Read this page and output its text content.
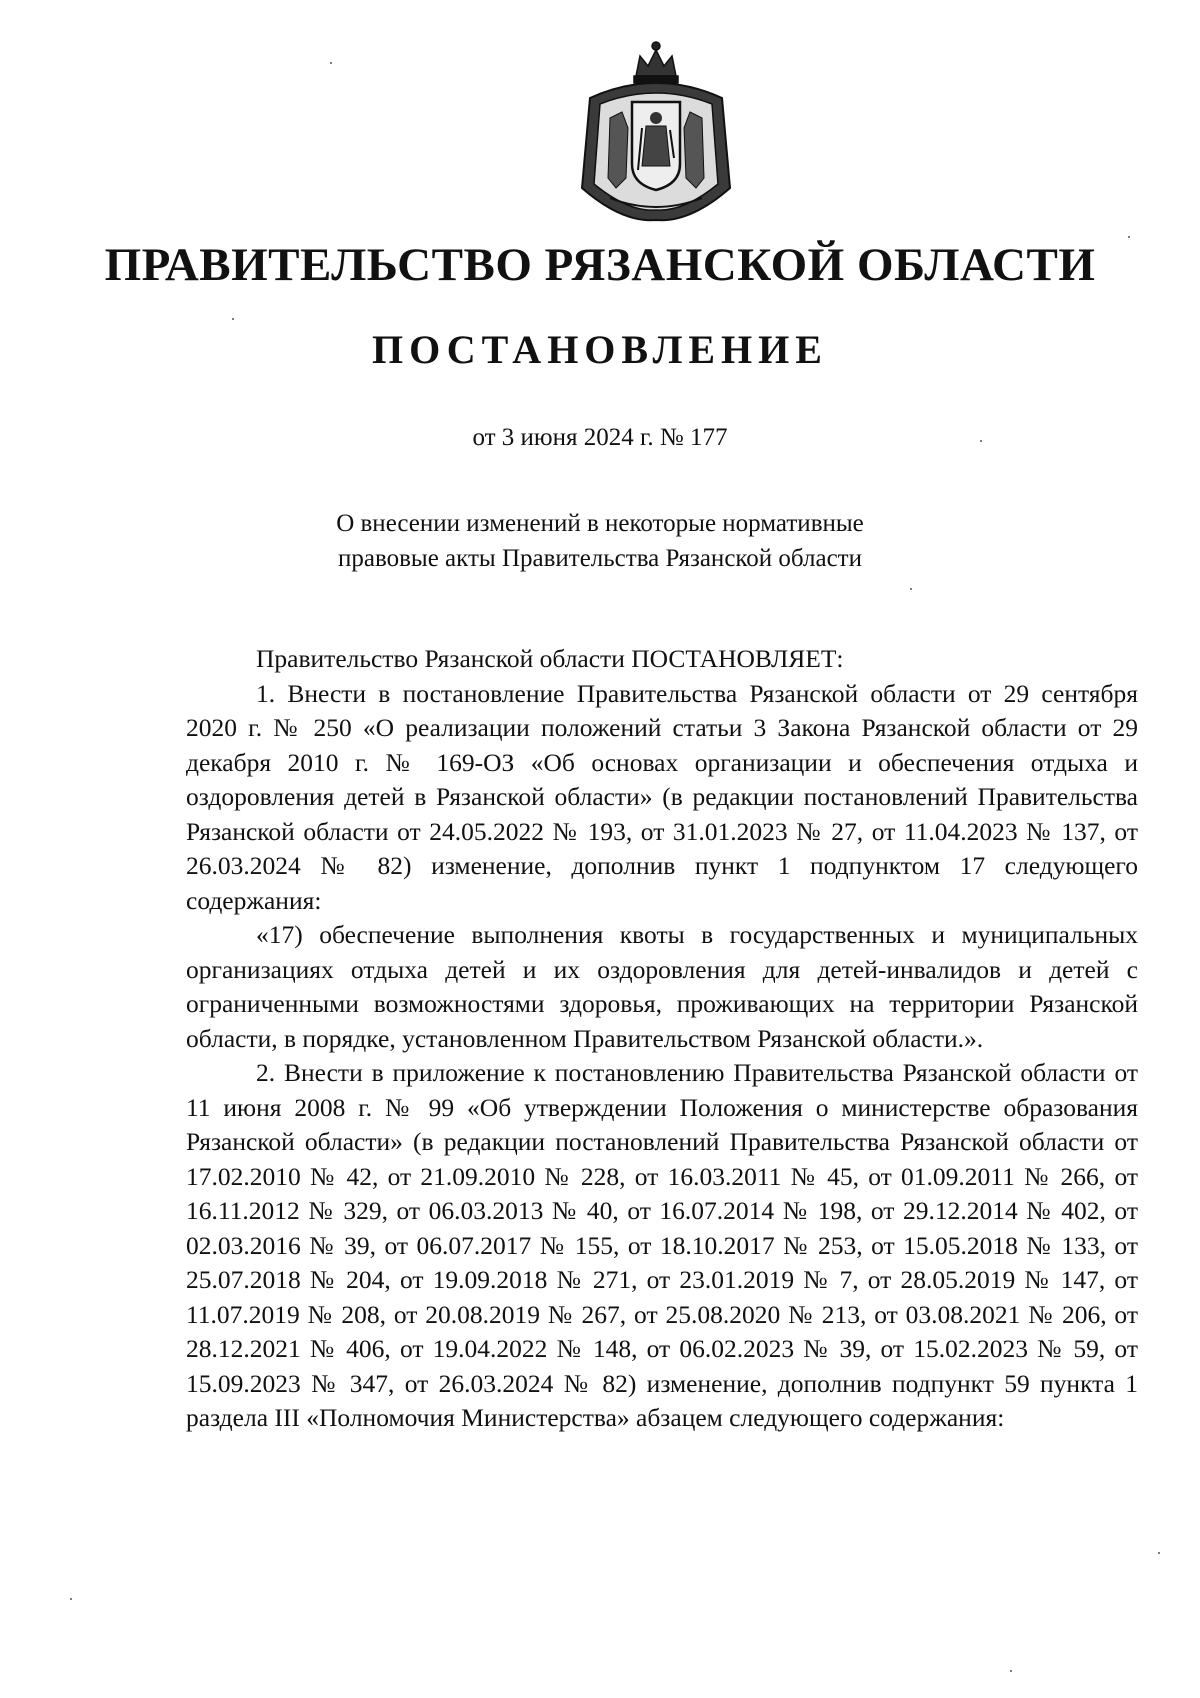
ПРАВИТЕЛЬСТВО РЯЗАНСКОЙ ОБЛАСТИ
ПОСТАНОВЛЕНИЕ
от 3 июня 2024 г. № 177
О внесении изменений в некоторые нормативные
правовые акты Правительства Рязанской области

Правительство Рязанской области ПОСТАНОВЛЯЕТ:

1. Внести в постановление Правительства Рязанской области от 29 сентября 2020 г. № 250 «О реализации положений статьи 3 Закона Рязанской области от 29 декабря 2010 г. № 169-ОЗ «Об основах организации и обеспечения отдыха и оздоровления детей в Рязанской области» (в редакции постановлений Правительства Рязанской области от 24.05.2022 № 193, от 31.01.2023 № 27, от 11.04.2023 № 137, от 26.03.2024 № 82) изменение, дополнив пункт 1 подпунктом 17 следующего содержания:

«17) обеспечение выполнения квоты в государственных и муниципальных организациях отдыха детей и их оздоровления для детей-инвалидов и детей с ограниченными возможностями здоровья, проживающих на территории Рязанской области, в порядке, установленном Правительством Рязанской области.».

2. Внести в приложение к постановлению Правительства Рязанской области от 11 июня 2008 г. № 99 «Об утверждении Положения о министерстве образования Рязанской области» (в редакции постановлений Правительства Рязанской области от 17.02.2010 № 42, от 21.09.2010 № 228, от 16.03.2011 № 45, от 01.09.2011 № 266, от 16.11.2012 № 329, от 06.03.2013 № 40, от 16.07.2014 № 198, от 29.12.2014 № 402, от 02.03.2016 № 39, от 06.07.2017 № 155, от 18.10.2017 № 253, от 15.05.2018 № 133, от 25.07.2018 № 204, от 19.09.2018 № 271, от 23.01.2019 № 7, от 28.05.2019 № 147, от 11.07.2019 № 208, от 20.08.2019 № 267, от 25.08.2020 № 213, от 03.08.2021 № 206, от 28.12.2021 № 406, от 19.04.2022 № 148, от 06.02.2023 № 39, от 15.02.2023 № 59, от 15.09.2023 № 347, от 26.03.2024 № 82) изменение, дополнив подпункт 59 пункта 1 раздела III «Полномочия Министерства» абзацем следующего содержания:
